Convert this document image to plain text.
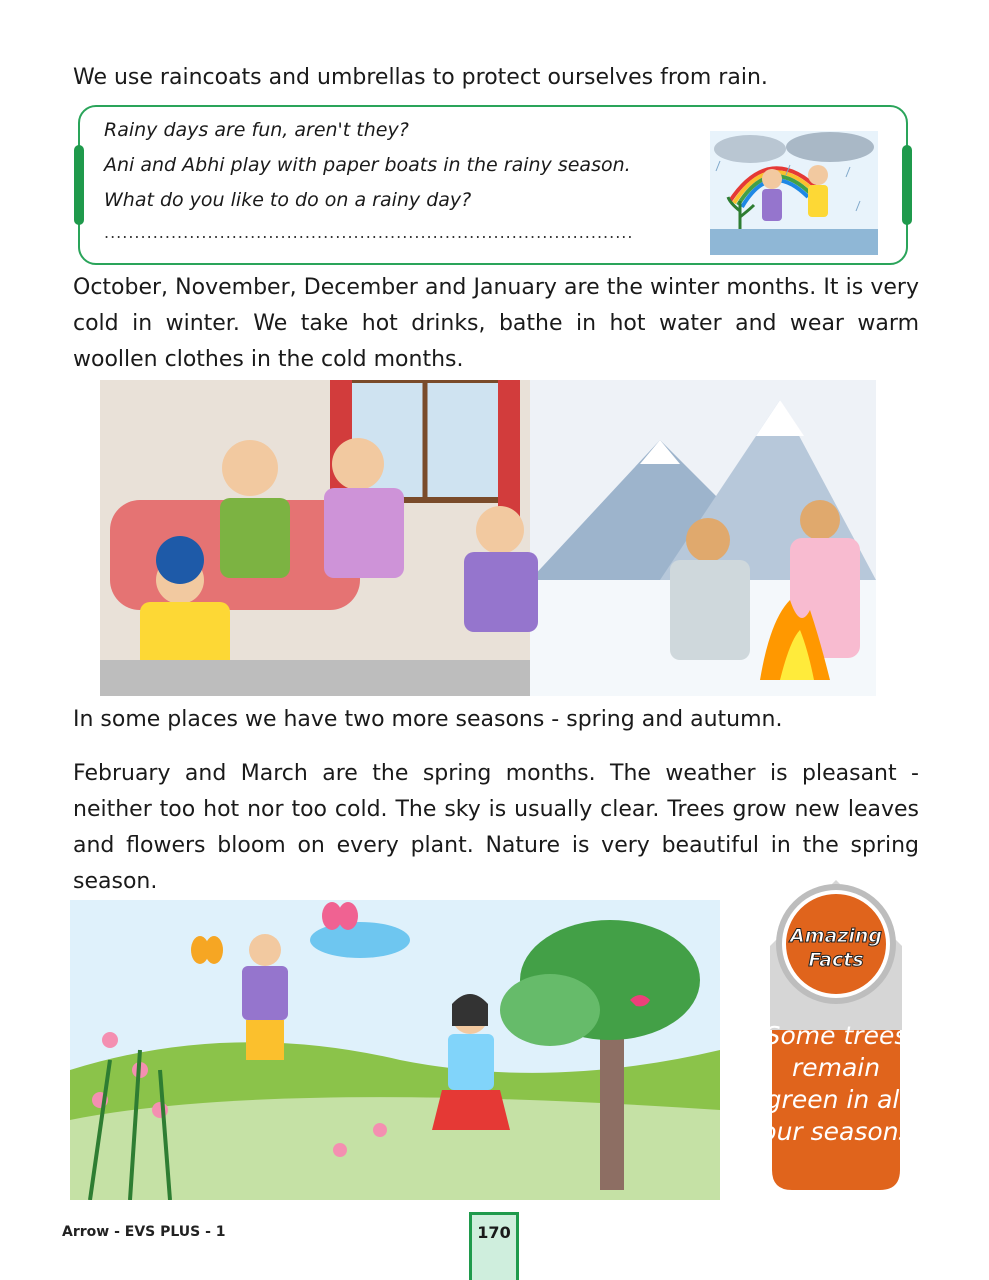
We use raincoats and umbrellas to protect ourselves from rain.

Rainy days are fun, aren't they?

Ani and Abhi play with paper boats in the rainy season.

What do you like to do on a rainy day?

.......................................................................................

October, November, December and January are the winter months. It is very cold in winter. We take hot drinks, bathe in hot water and wear warm woollen clothes in the cold months.

In some places we have two more seasons - spring and autumn.

February and March are the spring months. The weather is pleasant - neither too hot nor too cold. The sky is usually clear. Trees grow new leaves and flowers bloom on every plant. Nature is very beautiful in the spring season.

Amazing
Facts
Some trees remain green in all four seasons.
Arrow - EVS PLUS - 1	170
